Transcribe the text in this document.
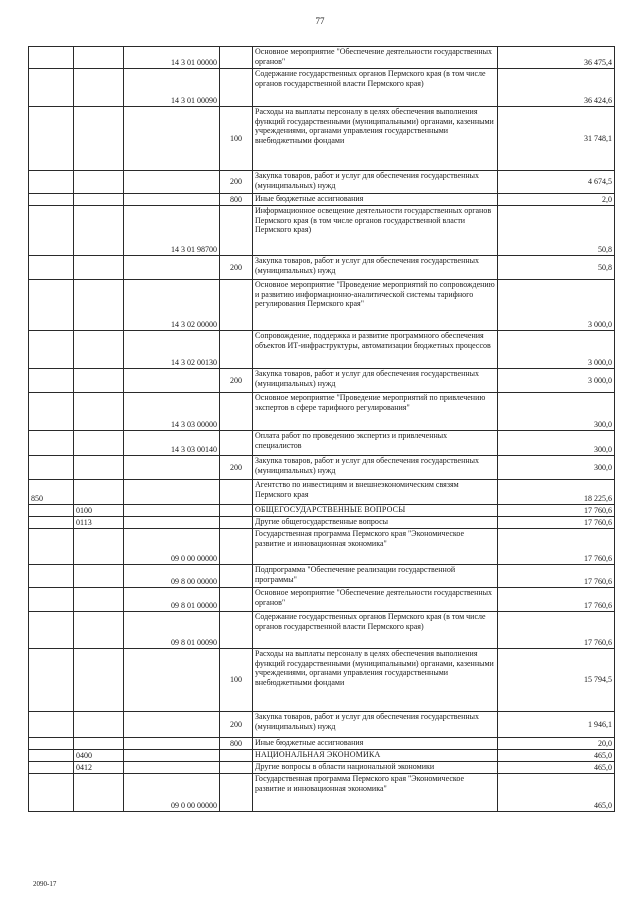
77
		14 3 01 00000		Основное мероприятие "Обеспечение деятельности государственных органов"	36 475,4
		14 3 01 00090		Содержание государственных органов Пермского края (в том числе органов государственной власти Пермского края)	36 424,6
			100	Расходы на выплаты персоналу в целях обеспечения выполнения функций государственными (муниципальными) органами, казенными учреждениями, органами управления государственными внебюджетными фондами	31 748,1
			200	Закупка товаров, работ и услуг для обеспечения государственных (муниципальных) нужд	4 674,5
			800	Иные бюджетные ассигнования	2,0
		14 3 01 98700		Информационное освещение деятельности государственных органов Пермского края (в том числе органов государственной власти Пермского края)	50,8
			200	Закупка товаров, работ и услуг для обеспечения государственных (муниципальных) нужд	50,8
		14 3 02 00000		Основное мероприятие "Проведение мероприятий по сопровождению и развитию информационно-аналитической системы тарифного регулирования Пермского края"	3 000,0
		14 3 02 00130		Сопровождение, поддержка и развитие программного обеспечения объектов ИТ-инфраструктуры, автоматизации бюджетных процессов	3 000,0
			200	Закупка товаров, работ и услуг для обеспечения государственных (муниципальных) нужд	3 000,0
		14 3 03 00000		Основное мероприятие "Проведение мероприятий по привлечению экспертов в сфере тарифного регулирования"	300,0
		14 3 03 00140		Оплата работ по проведению экспертиз и привлеченных специалистов	300,0
			200	Закупка товаров, работ и услуг для обеспечения государственных (муниципальных) нужд	300,0
850				Агентство по инвестициям и внешнеэкономическим связям Пермского края	18 225,6
	0100			ОБЩЕГОСУДАРСТВЕННЫЕ ВОПРОСЫ	17 760,6
	0113			Другие общегосударственные вопросы	17 760,6
		09 0 00 00000		Государственная программа Пермского края "Экономическое развитие и инновационная экономика"	17 760,6
		09 8 00 00000		Подпрограмма "Обеспечение реализации государственной программы"	17 760,6
		09 8 01 00000		Основное мероприятие "Обеспечение деятельности государственных органов"	17 760,6
		09 8 01 00090		Содержание государственных органов Пермского края (в том числе органов государственной власти Пермского края)	17 760,6
			100	Расходы на выплаты персоналу в целях обеспечения выполнения функций государственными (муниципальными) органами, казенными учреждениями, органами управления государственными внебюджетными фондами	15 794,5
			200	Закупка товаров, работ и услуг для обеспечения государственных (муниципальных) нужд	1 946,1
			800	Иные бюджетные ассигнования	20,0
	0400			НАЦИОНАЛЬНАЯ ЭКОНОМИКА	465,0
	0412			Другие вопросы в области национальной экономики	465,0
		09 0 00 00000		Государственная программа Пермского края "Экономическое развитие и инновационная экономика"	465,0
2090-17
